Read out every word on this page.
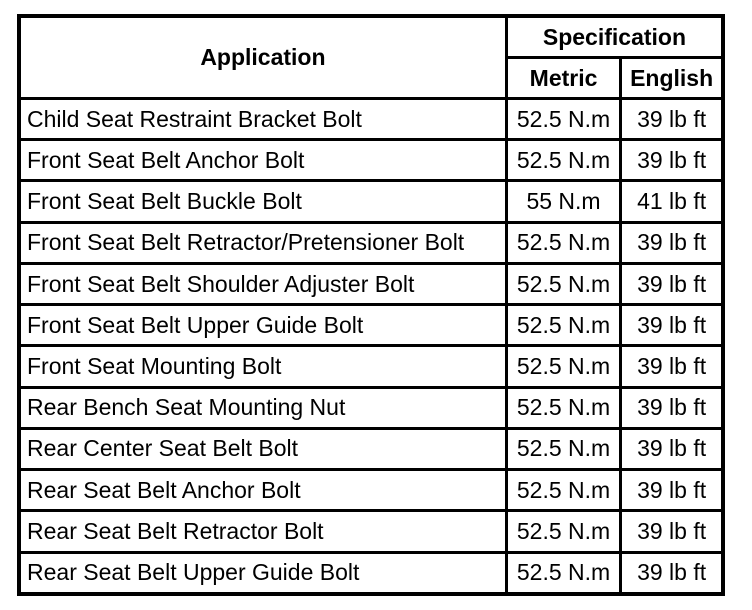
Application	Specification	
	Metric	English
Child Seat Restraint Bracket Bolt	52.5 N.m	39 lb ft
Front Seat Belt Anchor Bolt	52.5 N.m	39 lb ft
Front Seat Belt Buckle Bolt	55 N.m	41 lb ft
Front Seat Belt Retractor/Pretensioner Bolt	52.5 N.m	39 lb ft
Front Seat Belt Shoulder Adjuster Bolt	52.5 N.m	39 lb ft
Front Seat Belt Upper Guide Bolt	52.5 N.m	39 lb ft
Front Seat Mounting Bolt	52.5 N.m	39 lb ft
Rear Bench Seat Mounting Nut	52.5 N.m	39 lb ft
Rear Center Seat Belt Bolt	52.5 N.m	39 lb ft
Rear Seat Belt Anchor Bolt	52.5 N.m	39 lb ft
Rear Seat Belt Retractor Bolt	52.5 N.m	39 lb ft
Rear Seat Belt Upper Guide Bolt	52.5 N.m	39 lb ft
